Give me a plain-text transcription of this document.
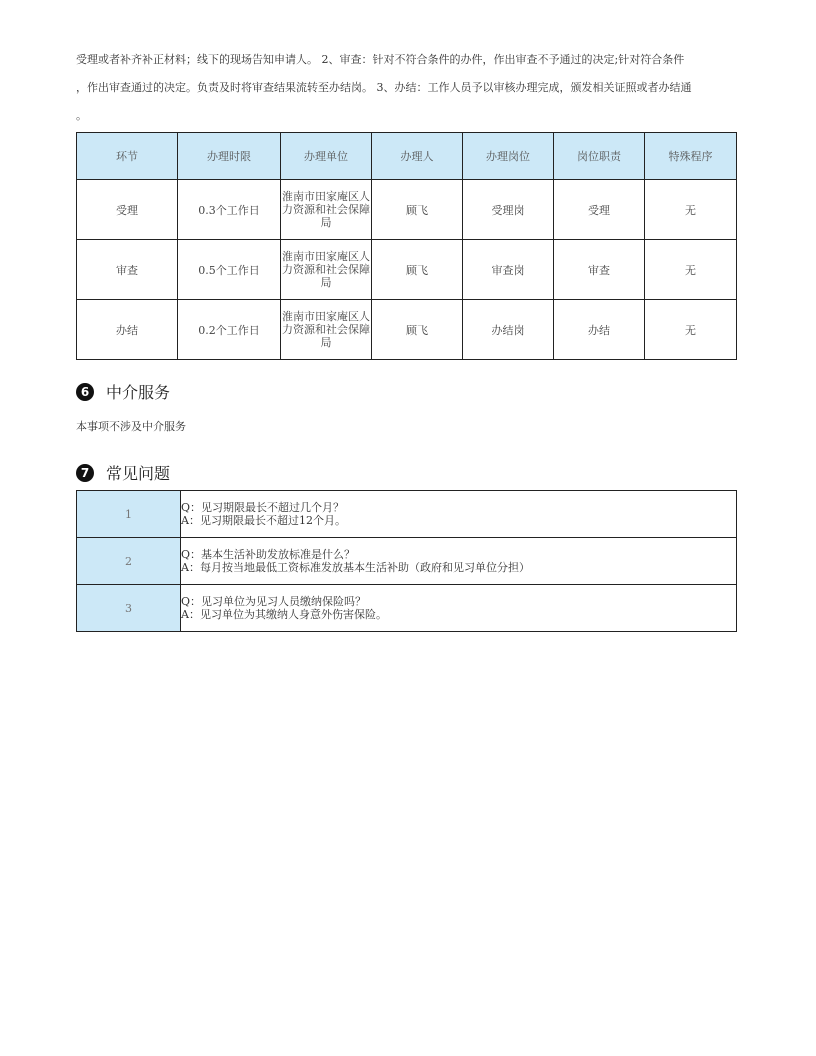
受理或者补齐补正材料；线下的现场告知申请人。 2、审查：针对不符合条件的办件，作出审查不予通过的决定;针对符合条件
，作出审查通过的决定。负责及时将审查结果流转至办结岗。 3、办结：工作人员予以审核办理完成，颁发相关证照或者办结通
。
环节	办理时限	办理单位	办理人	办理岗位	岗位职责	特殊程序
受理	0.3个工作日	淮南市田家庵区人力资源和社会保障局	顾飞	受理岗	受理	无
审查	0.5个工作日	淮南市田家庵区人力资源和社会保障局	顾飞	审查岗	审查	无
办结	0.2个工作日	淮南市田家庵区人力资源和社会保障局	顾飞	办结岗	办结	无
6	中介服务
本事项不涉及中介服务
7	常见问题
1	Q：见习期限最长不超过几个月？
A：见习期限最长不超过12个月。

2	Q：基本生活补助发放标准是什么？
A：每月按当地最低工资标准发放基本生活补助（政府和见习单位分担）

3	Q：见习单位为见习人员缴纳保险吗？
A：见习单位为其缴纳人身意外伤害保险。
